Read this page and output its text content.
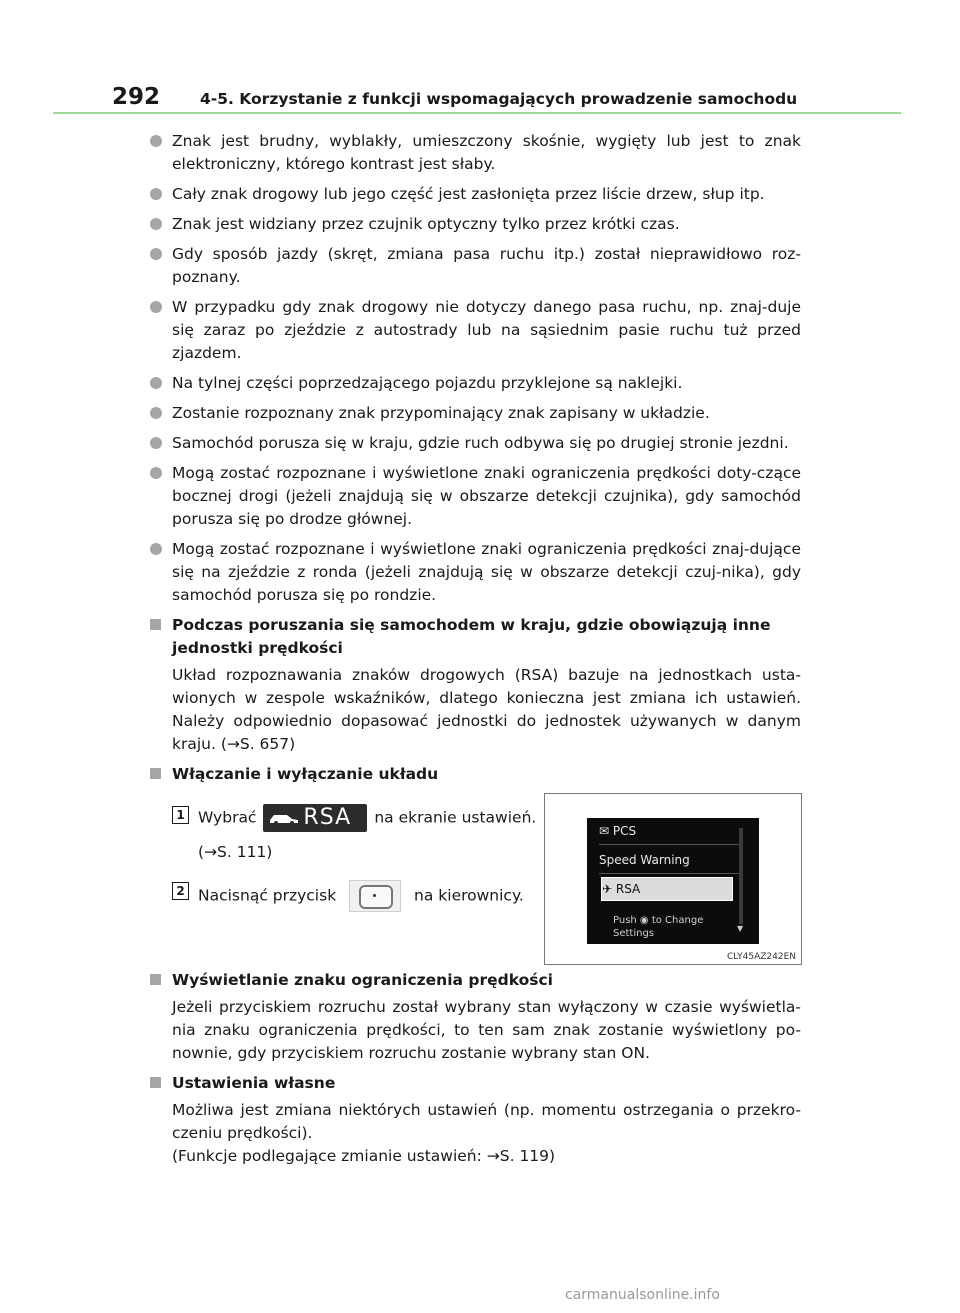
292	4-5. Korzystanie z funkcji wspomagających prowadzenie samochodu
Znak jest brudny, wyblakły, umieszczony skośnie, wygięty lub jest to znak elektroniczny, którego kontrast jest słaby.
Cały znak drogowy lub jego część jest zasłonięta przez liście drzew, słup itp.
Znak jest widziany przez czujnik optyczny tylko przez krótki czas.
Gdy sposób jazdy (skręt, zmiana pasa ruchu itp.) został nieprawidłowo roz-poznany.
W przypadku gdy znak drogowy nie dotyczy danego pasa ruchu, np. znaj-duje się zaraz po zjeździe z autostrady lub na sąsiednim pasie ruchu tuż przed zjazdem.
Na tylnej części poprzedzającego pojazdu przyklejone są naklejki.
Zostanie rozpoznany znak przypominający znak zapisany w układzie.
Samochód porusza się w kraju, gdzie ruch odbywa się po drugiej stronie jezdni.
Mogą zostać rozpoznane i wyświetlone znaki ograniczenia prędkości doty-czące bocznej drogi (jeżeli znajdują się w obszarze detekcji czujnika), gdy samochód porusza się po drodze głównej.
Mogą zostać rozpoznane i wyświetlone znaki ograniczenia prędkości znaj-dujące się na zjeździe z ronda (jeżeli znajdują się w obszarze detekcji czuj-nika), gdy samochód porusza się po rondzie.
Podczas poruszania się samochodem w kraju, gdzie obowiązują inne jednostki prędkości
Układ rozpoznawania znaków drogowych (RSA) bazuje na jednostkach usta-wionych w zespole wskaźników, dlatego konieczna jest zmiana ich ustawień. Należy odpowiednio dopasować jednostki do jednostek używanych w danym kraju. (→S. 657)
Włączanie i wyłączanie układu
1 Wybrać RSA na ekranie ustawień.
(→S. 111)
2 Nacisnąć przycisk	na kierownicy.
Wyświetlanie znaku ograniczenia prędkości
Jeżeli przyciskiem rozruchu został wybrany stan wyłączony w czasie wyświetla-nia znaku ograniczenia prędkości, to ten sam znak zostanie wyświetlony po-nownie, gdy przyciskiem rozruchu zostanie wybrany stan ON.
Ustawienia własne
Możliwa jest zmiana niektórych ustawień (np. momentu ostrzegania o przekro-czeniu prędkości).
(Funkcje podlegające zmianie ustawień: →S. 119)
✉ PCS
Speed Warning
✈ RSA
Push ◉ to Change
Settings	▼
CLY45AZ242EN
carmanualsonline.info
